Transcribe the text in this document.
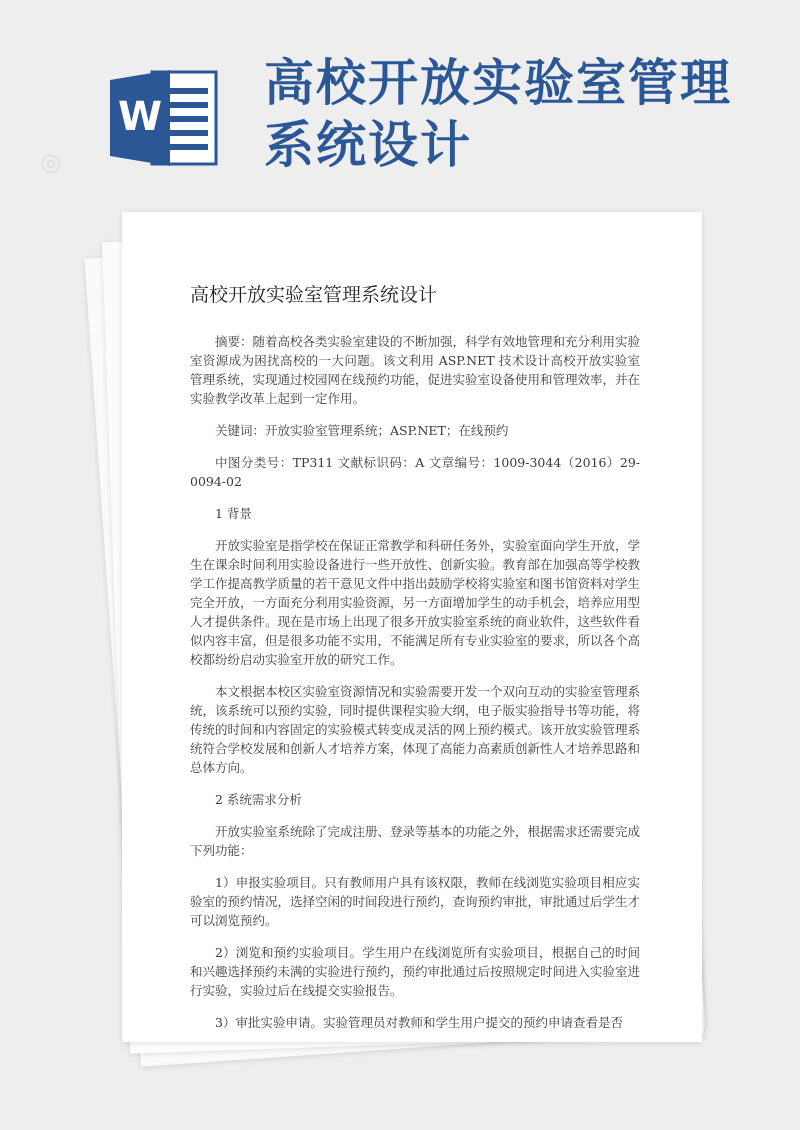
W
高校开放实验室管理系统设计
◎
高校开放实验室管理系统设计

摘要：随着高校各类实验室建设的不断加强，科学有效地管理和充分利用实验室资源成为困扰高校的一大问题。该文利用 ASP.NET 技术设计高校开放实验室管理系统，实现通过校园网在线预约功能，促进实验室设备使用和管理效率，并在实验教学改革上起到一定作用。

关键词：开放实验室管理系统；ASP.NET；在线预约

中图分类号：TP311 文献标识码：A 文章编号：1009-3044（2016）29-0094-02

1 背景

开放实验室是指学校在保证正常教学和科研任务外，实验室面向学生开放，学生在课余时间利用实验设备进行一些开放性、创新实验。教育部在加强高等学校教学工作提高教学质量的若干意见文件中指出鼓励学校将实验室和图书馆资料对学生完全开放，一方面充分利用实验资源，另一方面增加学生的动手机会，培养应用型人才提供条件。现在是市场上出现了很多开放实验室系统的商业软件，这些软件看似内容丰富，但是很多功能不实用，不能满足所有专业实验室的要求，所以各个高校都纷纷启动实验室开放的研究工作。

本文根据本校区实验室资源情况和实验需要开发一个双向互动的实验室管理系统，该系统可以预约实验，同时提供课程实验大纲，电子版实验指导书等功能，将传统的时间和内容固定的实验模式转变成灵活的网上预约模式。该开放实验管理系统符合学校发展和创新人才培养方案，体现了高能力高素质创新性人才培养思路和总体方向。

2 系统需求分析

开放实验室系统除了完成注册、登录等基本的功能之外，根据需求还需要完成下列功能：

1）申报实验项目。只有教师用户具有该权限，教师在线浏览实验项目相应实验室的预约情况，选择空闲的时间段进行预约，查询预约审批，审批通过后学生才可以浏览预约。

2）浏览和预约实验项目。学生用户在线浏览所有实验项目，根据自己的时间和兴趣选择预约未满的实验进行预约，预约审批通过后按照规定时间进入实验室进行实验，实验过后在线提交实验报告。

3）审批实验申请。实验管理员对教师和学生用户提交的预约申请查看是否
